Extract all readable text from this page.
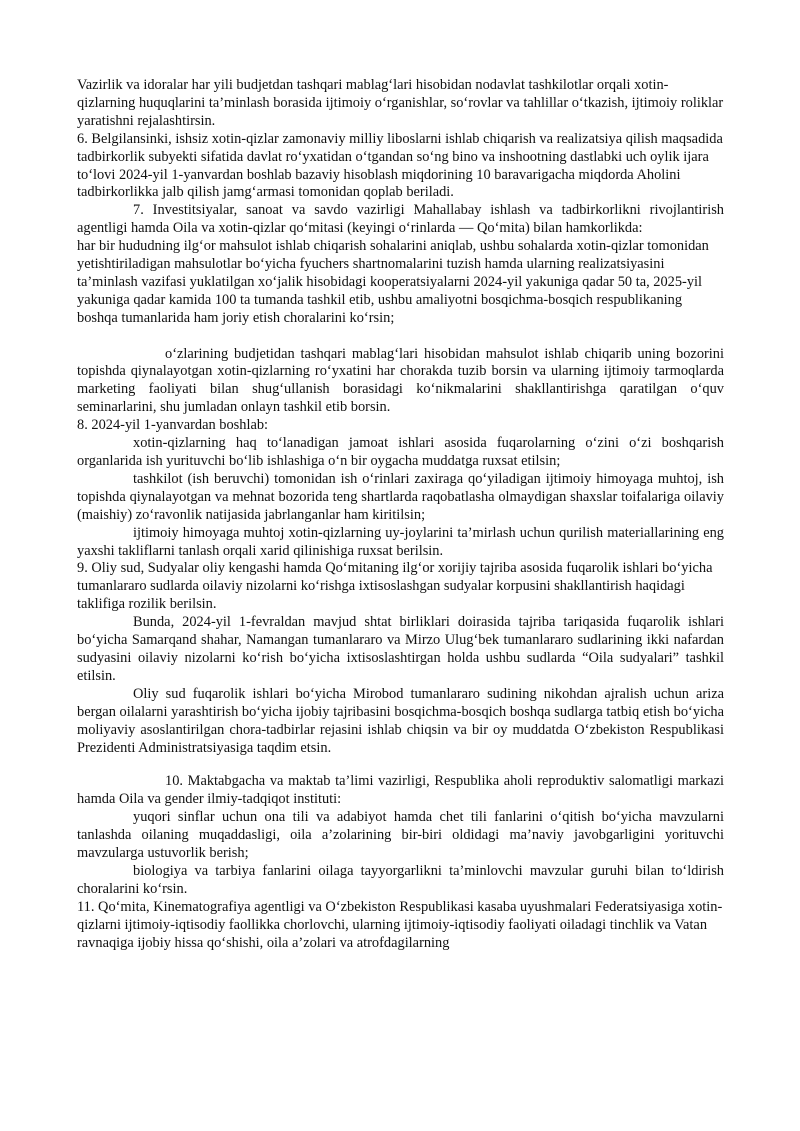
Vazirlik va idoralar har yili budjetdan tashqari mablag‘lari hisobidan nodavlat tashkilotlar orqali xotin-qizlarning huquqlarini ta’minlash borasida ijtimoiy o‘rganishlar, so‘rovlar va tahlillar o‘tkazish, ijtimoiy roliklar yaratishni rejalashtirsin.

6. Belgilansinki, ishsiz xotin-qizlar zamonaviy milliy liboslarni ishlab chiqarish va realizatsiya qilish maqsadida tadbirkorlik subyekti sifatida davlat ro‘yxatidan o‘tgandan so‘ng bino va inshootning dastlabki uch oylik ijara to‘lovi 2024-yil 1-yanvardan boshlab bazaviy hisoblash miqdorining 10 baravarigacha miqdorda Aholini tadbirkorlikka jalb qilish jamg‘armasi tomonidan qoplab beriladi.

7. Investitsiyalar, sanoat va savdo vazirligi Mahallabay ishlash va tadbirkorlikni rivojlantirish agentligi hamda Oila va xotin-qizlar qo‘mitasi (keyingi o‘rinlarda — Qo‘mita) bilan hamkorlikda:

har bir hududning ilg‘or mahsulot ishlab chiqarish sohalarini aniqlab, ushbu sohalarda xotin-qizlar tomonidan yetishtiriladigan mahsulotlar bo‘yicha fyuchers shartnomalarini tuzish hamda ularning realizatsiyasini ta’minlash vazifasi yuklatilgan xo‘jalik hisobidagi kooperatsiyalarni 2024-yil yakuniga qadar 50 ta, 2025-yil yakuniga qadar kamida 100 ta tumanda tashkil etib, ushbu amaliyotni bosqichma-bosqich respublikaning boshqa tumanlarida ham joriy etish choralarini ko‘rsin;

o‘zlarining budjetidan tashqari mablag‘lari hisobidan mahsulot ishlab chiqarib uning bozorini topishda qiynalayotgan xotin-qizlarning ro‘yxatini har chorakda tuzib borsin va ularning ijtimoiy tarmoqlarda marketing faoliyati bilan shug‘ullanish borasidagi ko‘nikmalarini shakllantirishga qaratilgan o‘quv seminarlarini, shu jumladan onlayn tashkil etib borsin.

8. 2024-yil 1-yanvardan boshlab:

xotin-qizlarning haq to‘lanadigan jamoat ishlari asosida fuqarolarning o‘zini o‘zi boshqarish organlarida ish yurituvchi bo‘lib ishlashiga o‘n bir oygacha muddatga ruxsat etilsin;

tashkilot (ish beruvchi) tomonidan ish o‘rinlari zaxiraga qo‘yiladigan ijtimoiy himoyaga muhtoj, ish topishda qiynalayotgan va mehnat bozorida teng shartlarda raqobatlasha olmaydigan shaxslar toifalariga oilaviy (maishiy) zo‘ravonlik natijasida jabrlanganlar ham kiritilsin;

ijtimoiy himoyaga muhtoj xotin-qizlarning uy-joylarini ta’mirlash uchun qurilish materiallarining eng yaxshi takliflarni tanlash orqali xarid qilinishiga ruxsat berilsin.

9. Oliy sud, Sudyalar oliy kengashi hamda Qo‘mitaning ilg‘or xorijiy tajriba asosida fuqarolik ishlari bo‘yicha tumanlararo sudlarda oilaviy nizolarni ko‘rishga ixtisoslashgan sudyalar korpusini shakllantirish haqidagi taklifiga rozilik berilsin.

Bunda, 2024-yil 1-fevraldan mavjud shtat birliklari doirasida tajriba tariqasida fuqarolik ishlari bo‘yicha Samarqand shahar, Namangan tumanlararo va Mirzo Ulug‘bek tumanlararo sudlarining ikki nafardan sudyasini oilaviy nizolarni ko‘rish bo‘yicha ixtisoslashtirgan holda ushbu sudlarda “Oila sudyalari” tashkil etilsin.

Oliy sud fuqarolik ishlari bo‘yicha Mirobod tumanlararo sudining nikohdan ajralish uchun ariza bergan oilalarni yarashtirish bo‘yicha ijobiy tajribasini bosqichma-bosqich boshqa sudlarga tatbiq etish bo‘yicha moliyaviy asoslantirilgan chora-tadbirlar rejasini ishlab chiqsin va bir oy muddatda O‘zbekiston Respublikasi Prezidenti Administratsiyasiga taqdim etsin.

10. Maktabgacha va maktab ta’limi vazirligi, Respublika aholi reproduktiv salomatligi markazi hamda Oila va gender ilmiy-tadqiqot instituti:

yuqori sinflar uchun ona tili va adabiyot hamda chet tili fanlarini o‘qitish bo‘yicha mavzularni tanlashda oilaning muqaddasligi, oila a’zolarining bir-biri oldidagi ma’naviy javobgarligini yorituvchi mavzularga ustuvorlik berish;

biologiya va tarbiya fanlarini oilaga tayyorgarlikni ta’minlovchi mavzular guruhi bilan to‘ldirish choralarini ko‘rsin.

11. Qo‘mita, Kinematografiya agentligi va O‘zbekiston Respublikasi kasaba uyushmalari Federatsiyasiga xotin-qizlarni ijtimoiy-iqtisodiy faollikka chorlovchi, ularning ijtimoiy-iqtisodiy faoliyati oiladagi tinchlik va Vatan ravnaqiga ijobiy hissa qo‘shishi, oila a’zolari va atrofdagilarning
